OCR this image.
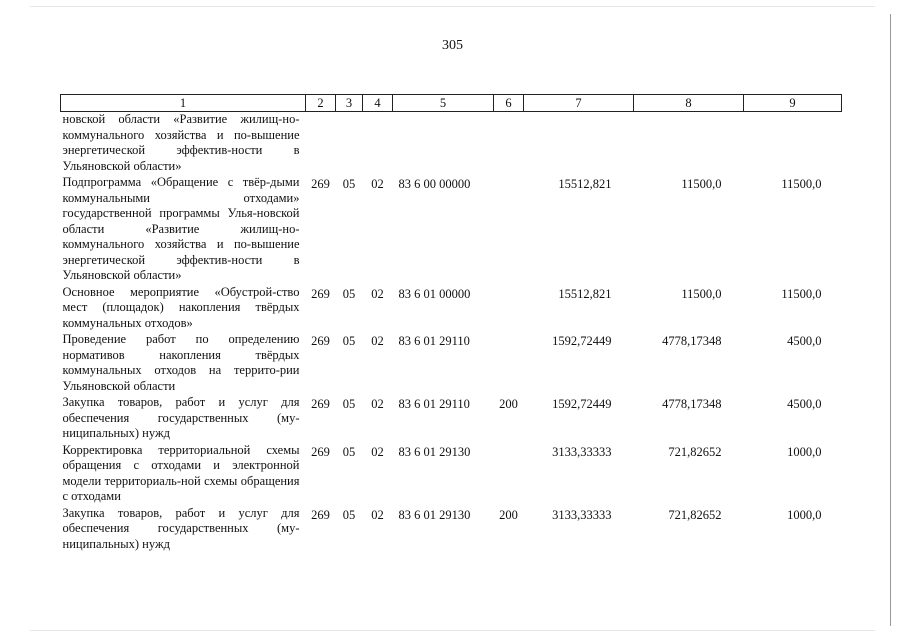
305
1	2	3	4	5	6	7	8	9
новской области «Развитие жилищ-но-коммунального хозяйства и по-вышение энергетической эффектив-ности в Ульяновской области»								
Подпрограмма «Обращение с твёр-дыми коммунальными отходами» государственной программы Улья-новской области «Развитие жилищ-но-коммунального хозяйства и по-вышение энергетической эффектив-ности в Ульяновской области»	269	05	02	83 6 00 00000		15512,821	11500,0	11500,0
Основное мероприятие «Обустрой-ство мест (площадок) накопления твёрдых коммунальных отходов»	269	05	02	83 6 01 00000		15512,821	11500,0	11500,0
Проведение работ по определению нормативов накопления твёрдых коммунальных отходов на террито-рии Ульяновской области	269	05	02	83 6 01 29110		1592,72449	4778,17348	4500,0
Закупка товаров, работ и услуг для обеспечения государственных (му-ниципальных) нужд	269	05	02	83 6 01 29110	200	1592,72449	4778,17348	4500,0
Корректировка территориальной схемы обращения с отходами и электронной модели территориаль-ной схемы обращения с отходами	269	05	02	83 6 01 29130		3133,33333	721,82652	1000,0
Закупка товаров, работ и услуг для обеспечения государственных (му-ниципальных) нужд	269	05	02	83 6 01 29130	200	3133,33333	721,82652	1000,0
